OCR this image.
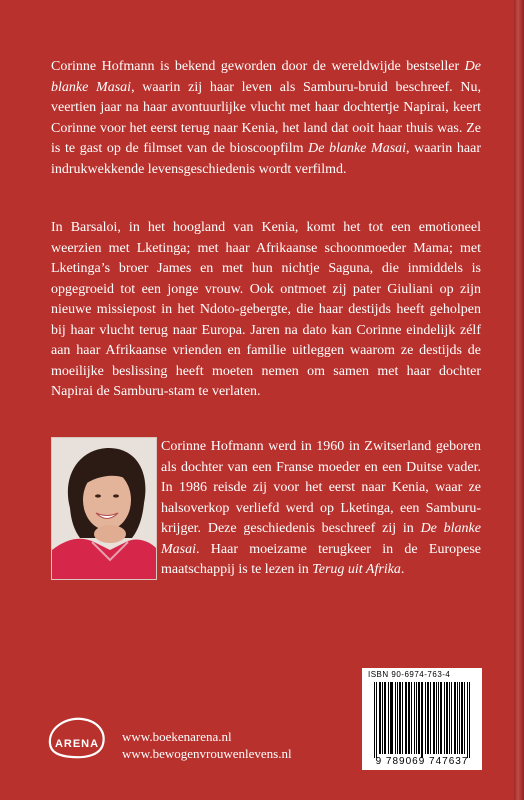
Corinne Hofmann is bekend geworden door de wereldwijde bestseller De blanke Masai, waarin zij haar leven als Samburu-bruid beschreef. Nu, veertien jaar na haar avontuurlijke vlucht met haar dochtertje Napirai, keert Corinne voor het eerst terug naar Kenia, het land dat ooit haar thuis was. Ze is te gast op de filmset van de bioscoopfilm De blanke Masai, waarin haar indrukwekkende levensgeschiedenis wordt verfilmd.

In Barsaloi, in het hoogland van Kenia, komt het tot een emotioneel weerzien met Lketinga; met haar Afrikaanse schoonmoeder Mama; met Lketinga’s broer James en met hun nichtje Saguna, die inmiddels is opgegroeid tot een jonge vrouw. Ook ontmoet zij pater Giuliani op zijn nieuwe missiepost in het Ndoto-gebergte, die haar destijds heeft geholpen bij haar vlucht terug naar Europa. Jaren na dato kan Corinne eindelijk zélf aan haar Afrikaanse vrienden en familie uitleggen waarom ze destijds de moeilijke beslissing heeft moeten nemen om samen met haar dochter Napirai de Samburu-stam te verlaten.

Corinne Hofmann werd in 1960 in Zwitserland geboren als dochter van een Franse moeder en een Duitse vader. In 1986 reisde zij voor het eerst naar Kenia, waar ze halsoverkop verliefd werd op Lketinga, een Samburu-krijger. Deze geschiedenis beschreef zij in De blanke Masai. Haar moeizame terugkeer in de Europese maatschappij is te lezen in Terug uit Afrika.

ISBN 90-6974-763-4
9 789069 747637
ARENA www.boekenarena.nl
www.bewogenvrouwenlevens.nl
